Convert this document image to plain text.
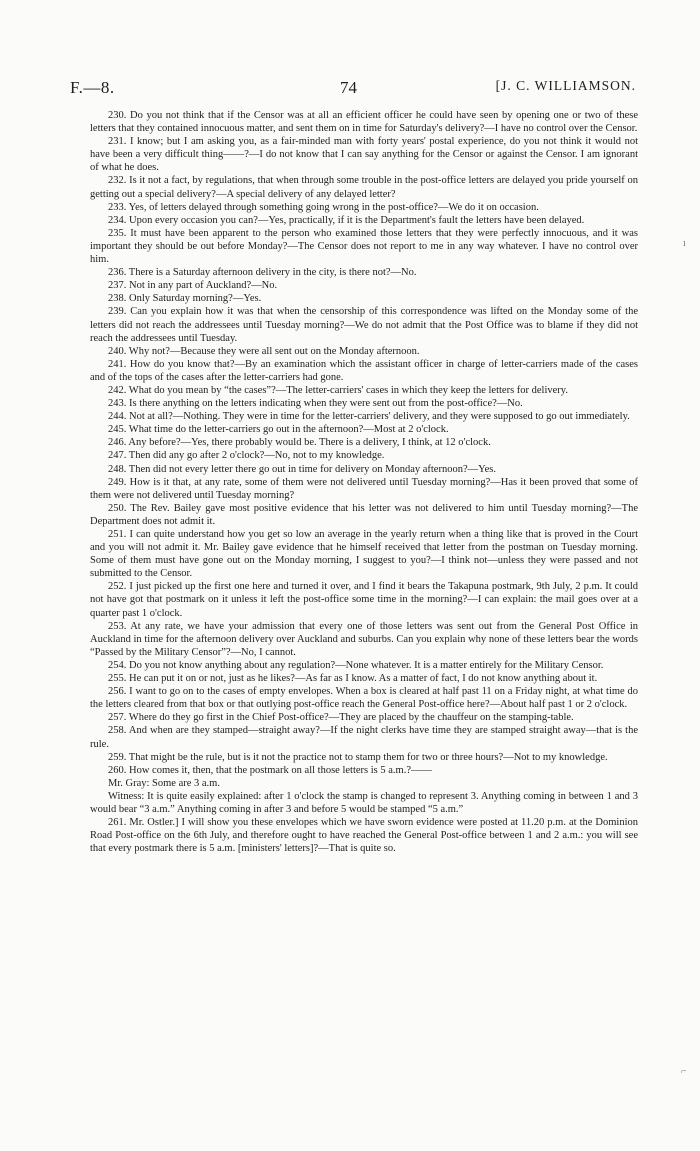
F.—8.	74	[J. C. WILLIAMSON.

230. Do you not think that if the Censor was at all an efficient officer he could have seen by opening one or two of these letters that they contained innocuous matter, and sent them on in time for Saturday's delivery?—I have no control over the Censor.

231. I know; but I am asking you, as a fair-minded man with forty years' postal experience, do you not think it would not have been a very difficult thing——?—I do not know that I can say anything for the Censor or against the Censor. I am ignorant of what he does.

232. Is it not a fact, by regulations, that when through some trouble in the post-office letters are delayed you pride yourself on getting out a special delivery?—A special delivery of any delayed letter?

233. Yes, of letters delayed through something going wrong in the post-office?—We do it on occasion.

234. Upon every occasion you can?—Yes, practically, if it is the Department's fault the letters have been delayed.

235. It must have been apparent to the person who examined those letters that they were perfectly innocuous, and it was important they should be out before Monday?—The Censor does not report to me in any way whatever. I have no control over him.

236. There is a Saturday afternoon delivery in the city, is there not?—No.

237. Not in any part of Auckland?—No.

238. Only Saturday morning?—Yes.

239. Can you explain how it was that when the censorship of this correspondence was lifted on the Monday some of the letters did not reach the addressees until Tuesday morning?—We do not admit that the Post Office was to blame if they did not reach the addressees until Tuesday.

240. Why not?—Because they were all sent out on the Monday afternoon.

241. How do you know that?—By an examination which the assistant officer in charge of letter-carriers made of the cases and of the tops of the cases after the letter-carriers had gone.

242. What do you mean by “the cases”?—The letter-carriers' cases in which they keep the letters for delivery.

243. Is there anything on the letters indicating when they were sent out from the post-office?—No.

244. Not at all?—Nothing. They were in time for the letter-carriers' delivery, and they were supposed to go out immediately.

245. What time do the letter-carriers go out in the afternoon?—Most at 2 o'clock.

246. Any before?—Yes, there probably would be. There is a delivery, I think, at 12 o'clock.

247. Then did any go after 2 o'clock?—No, not to my knowledge.

248. Then did not every letter there go out in time for delivery on Monday afternoon?—Yes.

249. How is it that, at any rate, some of them were not delivered until Tuesday morning?—Has it been proved that some of them were not delivered until Tuesday morning?

250. The Rev. Bailey gave most positive evidence that his letter was not delivered to him until Tuesday morning?—The Department does not admit it.

251. I can quite understand how you get so low an average in the yearly return when a thing like that is proved in the Court and you will not admit it. Mr. Bailey gave evidence that he himself received that letter from the postman on Tuesday morning. Some of them must have gone out on the Monday morning, I suggest to you?—I think not—unless they were passed and not submitted to the Censor.

252. I just picked up the first one here and turned it over, and I find it bears the Takapuna postmark, 9th July, 2 p.m. It could not have got that postmark on it unless it left the post-office some time in the morning?—I can explain: the mail goes over at a quarter past 1 o'clock.

253. At any rate, we have your admission that every one of those letters was sent out from the General Post Office in Auckland in time for the afternoon delivery over Auckland and suburbs. Can you explain why none of these letters bear the words “Passed by the Military Censor”?—No, I cannot.

254. Do you not know anything about any regulation?—None whatever. It is a matter entirely for the Military Censor.

255. He can put it on or not, just as he likes?—As far as I know. As a matter of fact, I do not know anything about it.

256. I want to go on to the cases of empty envelopes. When a box is cleared at half past 11 on a Friday night, at what time do the letters cleared from that box or that outlying post-office reach the General Post-office here?—About half past 1 or 2 o'clock.

257. Where do they go first in the Chief Post-office?—They are placed by the chauffeur on the stamping-table.

258. And when are they stamped—straight away?—If the night clerks have time they are stamped straight away—that is the rule.

259. That might be the rule, but is it not the practice not to stamp them for two or three hours?—Not to my knowledge.

260. How comes it, then, that the postmark on all those letters is 5 a.m.?——

Mr. Gray: Some are 3 a.m.

Witness: It is quite easily explained: after 1 o'clock the stamp is changed to represent 3. Anything coming in between 1 and 3 would bear “3 a.m.” Anything coming in after 3 and before 5 would be stamped “5 a.m.”

261. Mr. Ostler.] I will show you these envelopes which we have sworn evidence were posted at 11.20 p.m. at the Dominion Road Post-office on the 6th July, and therefore ought to have reached the General Post-office between 1 and 2 a.m.: you will see that every postmark there is 5 a.m. [ministers' letters]?—That is quite so.

ı
⌐
